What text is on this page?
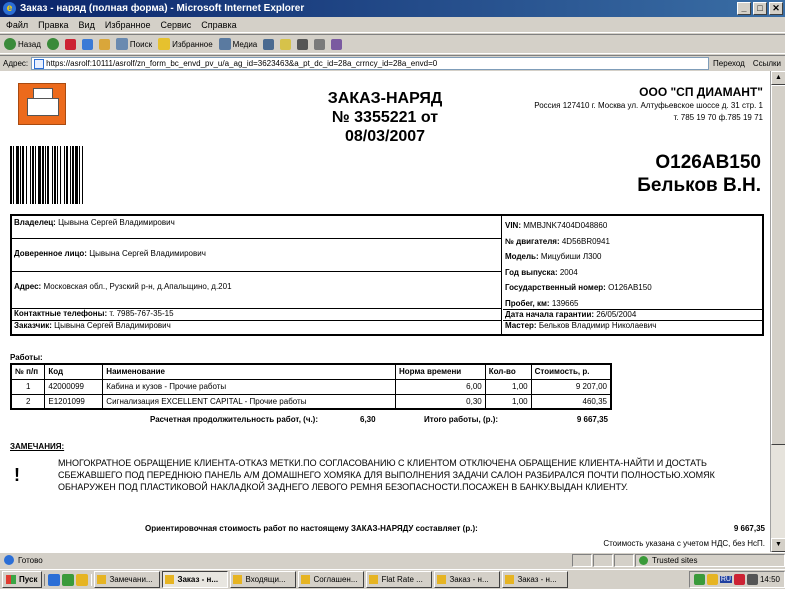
e Заказ - наряд (полная форма) - Microsoft Internet Explorer	_	□	✕
Файл Правка Вид Избранное Сервис Справка
Назад	Поиск	Избранное	Медиа
Адрес:	https://asrolf:10111/asrolf/zn_form_bc_envd_pv_u/a_ag_id=3623463&a_pt_dc_id=28a_crrncy_id=28a_envd=0	Переход	Ссылки
ЗАКАЗ-НАРЯД
№ 3355221 от
08/03/2007
ООО "СП ДИАМАНТ"
Россия 127410 г. Москва ул. Алтуфьевское шоссе д. 31 стр. 1
т. 785 19 70 ф.785 19 71
О126АВ150
Бельков В.Н.
Владелец: Цывына Сергей Владимирович
Доверенное лицо: Цывына Сергей Владимирович
Адрес: Московская обл., Рузский р-н, д.Апальщино, д.201
Контактные телефоны: т. 7985-767-35-15
Заказчик: Цывына Сергей Владимирович
VIN: MMBJNK7404D048860
№ двигателя: 4D56BR0941
Модель: Мицубиши Л300
Год выпуска: 2004
Государственный номер: О126АВ150
Пробег, км: 139665
Дата начала гарантии: 26/05/2004
Мастер: Бельков Владимир Николаевич
Работы:
№ п/п	Код	Наименование	Норма времени	Кол-во	Стоимость, р.
1	42000099	Кабина и кузов - Прочие работы	6,00	1,00	9 207,00
2	E1201099	Сигнализация EXCELLENT CAPITAL - Прочие работы	0,30	1,00	460,35
Расчетная продолжительность работ, (ч.):	6,30	Итого работы, (р.):	9 667,35
ЗАМЕЧАНИЯ:
!
МНОГОКРАТНОЕ ОБРАЩЕНИЕ КЛИЕНТА-ОТКАЗ МЕТКИ.ПО СОГЛАСОВАНИЮ С КЛИЕНТОМ ОТКЛЮЧЕНА ОБРАЩЕНИЕ КЛИЕНТА-НАЙТИ И ДОСТАТЬ СБЕЖАВШЕГО ПОД ПЕРЕДНЮЮ ПАНЕЛЬ А/М ДОМАШНЕГО ХОМЯКА ДЛЯ ВЫПОЛНЕНИЯ ЗАДАЧИ САЛОН РАЗБИРАЛСЯ ПОЧТИ ПОЛНОСТЬЮ.ХОМЯК ОБНАРУЖЕН ПОД ПЛАСТИКОВОЙ НАКЛАДКОЙ ЗАДНЕГО ЛЕВОГО РЕМНЯ БЕЗОПАСНОСТИ.ПОСАЖЕН В БАНКУ.ВЫДАН КЛИЕНТУ.
Ориентировочная стоимость работ по настоящему ЗАКАЗ-НАРЯДУ составляет (р.):	9 667,35
Стоимость указана с учетом НДС, без НсП.
▲
▼
Готово	Trusted sites
Пуск	Замечани...	Заказ - н...	Входящи...	Соглашен...	Flat Rate ...	Заказ - н...	Заказ - н...	RU	14:50
